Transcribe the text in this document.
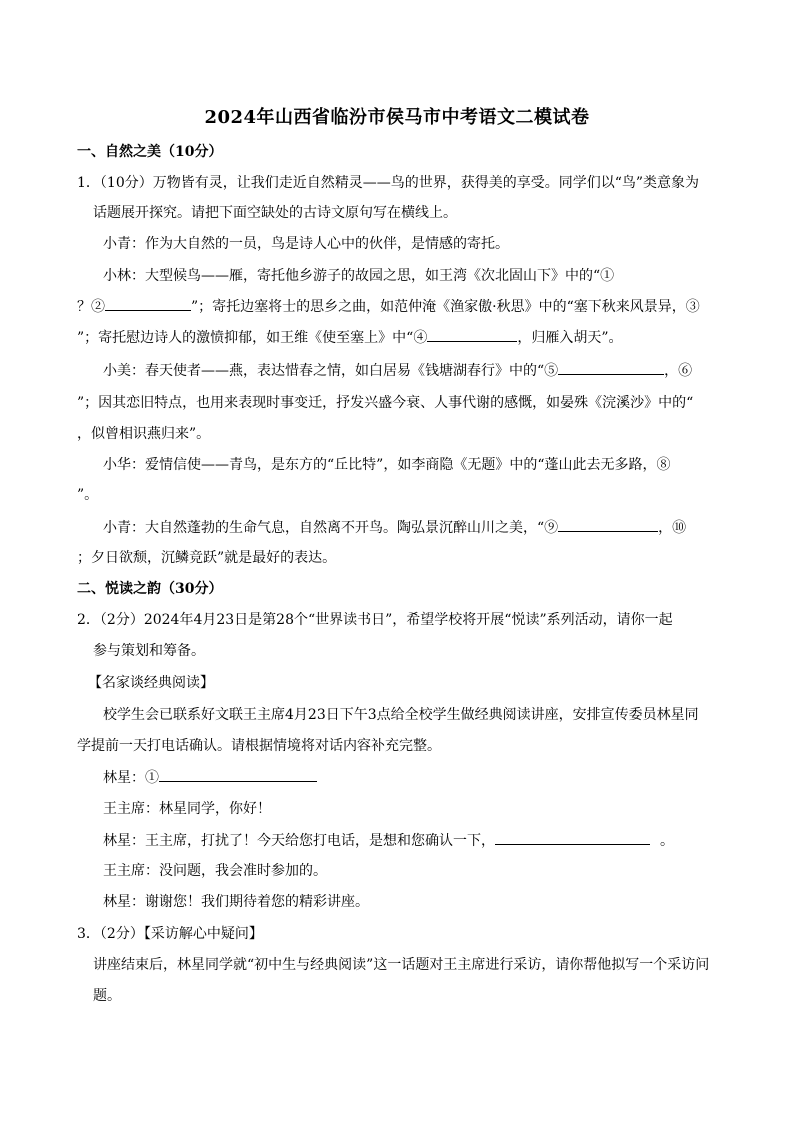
2024年山西省临汾市侯马市中考语文二模试卷
一、自然之美（10分）
1．（10分）万物皆有灵，让我们走近自然精灵——鸟的世界，获得美的享受。同学们以“鸟”类意象为
话题展开探究。请把下面空缺处的古诗文原句写在横线上。
小青：作为大自然的一员，鸟是诗人心中的伙伴，是情感的寄托。
小林：大型候鸟——雁，寄托他乡游子的故园之思，如王湾《次北固山下》中的“①
？②	”；寄托边塞将士的思乡之曲，如范仲淹《渔家傲·秋思》中的“塞下秋来风景异，③
”；寄托慰边诗人的激愤抑郁，如王维《使至塞上》中“④	，归雁入胡天”。
小美：春天使者——燕，表达惜春之情，如白居易《钱塘湖春行》中的“⑤	，⑥
”；因其恋旧特点，也用来表现时事变迁，抒发兴盛今衰、人事代谢的感慨，如晏殊《浣溪沙》中的“
，似曾相识燕归来”。
小华：爱情信使——青鸟，是东方的“丘比特”，如李商隐《无题》中的“蓬山此去无多路，⑧
”。
小青：大自然蓬勃的生命气息，自然离不开鸟。陶弘景沉醉山川之美，“⑨	，⑩
；夕日欲颓，沉鳞竞跃”就是最好的表达。
二、悦读之韵（30分）
2．（2分）2024年4月23日是第28个“世界读书日”，希望学校将开展“悦读”系列活动，请你一起
参与策划和筹备。
【名家谈经典阅读】
校学生会已联系好文联王主席4月23日下午3点给全校学生做经典阅读讲座，安排宣传委员林星同
学提前一天打电话确认。请根据情境将对话内容补充完整。
林星：①
王主席：林星同学，你好！
林星：王主席，打扰了！今天给您打电话，是想和您确认一下，	。
王主席：没问题，我会准时参加的。
林星：谢谢您！我们期待着您的精彩讲座。
3．（2分）【采访解心中疑问】
讲座结束后，林星同学就“初中生与经典阅读”这一话题对王主席进行采访，请你帮他拟写一个采访问
题。
